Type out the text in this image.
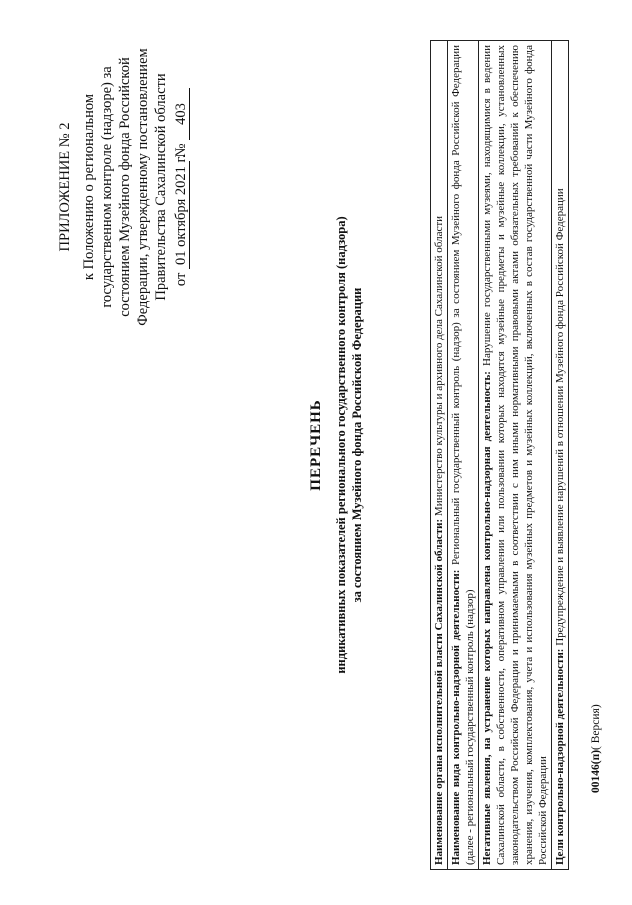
ПРИЛОЖЕНИЕ № 2 к Положению о региональном государственном контроле (надзоре) за состоянием Музейного фонда Российской Федерации, утвержденному постановлением Правительства Сахалинской области от 01 октября 2021 г. № 403
ПЕРЕЧЕНЬ индикативных показателей регионального государственного контроля (надзора) за состоянием Музейного фонда Российской Федерации
Наименование органа исполнительной власти Сахалинской области: Министерство культуры и архивного дела Сахалинской области
Наименование вида контрольно-надзорной деятельности: Региональный государственный контроль (надзор) за состоянием Музейного фонда Российской Федерации (далее - региональный государственный контроль (надзор)
Негативные явления, на устранение которых направлена контрольно-надзорная деятельность: Нарушение государственными музеями, находящимися в ведении Сахалинской области, в собственности, оперативном управлении или пользовании которых находятся музейные предметы и музейные коллекции, установленных законодательством Российской Федерации и принимаемыми в соответствии с ним иными нормативными правовыми актами обязательных требований к обеспечению хранения, изучения, комплектования, учета и использования музейных предметов и музейных коллекций, включенных в состав государственной части Музейного фонда Российской Федерации
Цели контрольно-надзорной деятельности: Предупреждение и выявление нарушений в отношении Музейного фонда Российской Федерации
00146(п)( Версия)
